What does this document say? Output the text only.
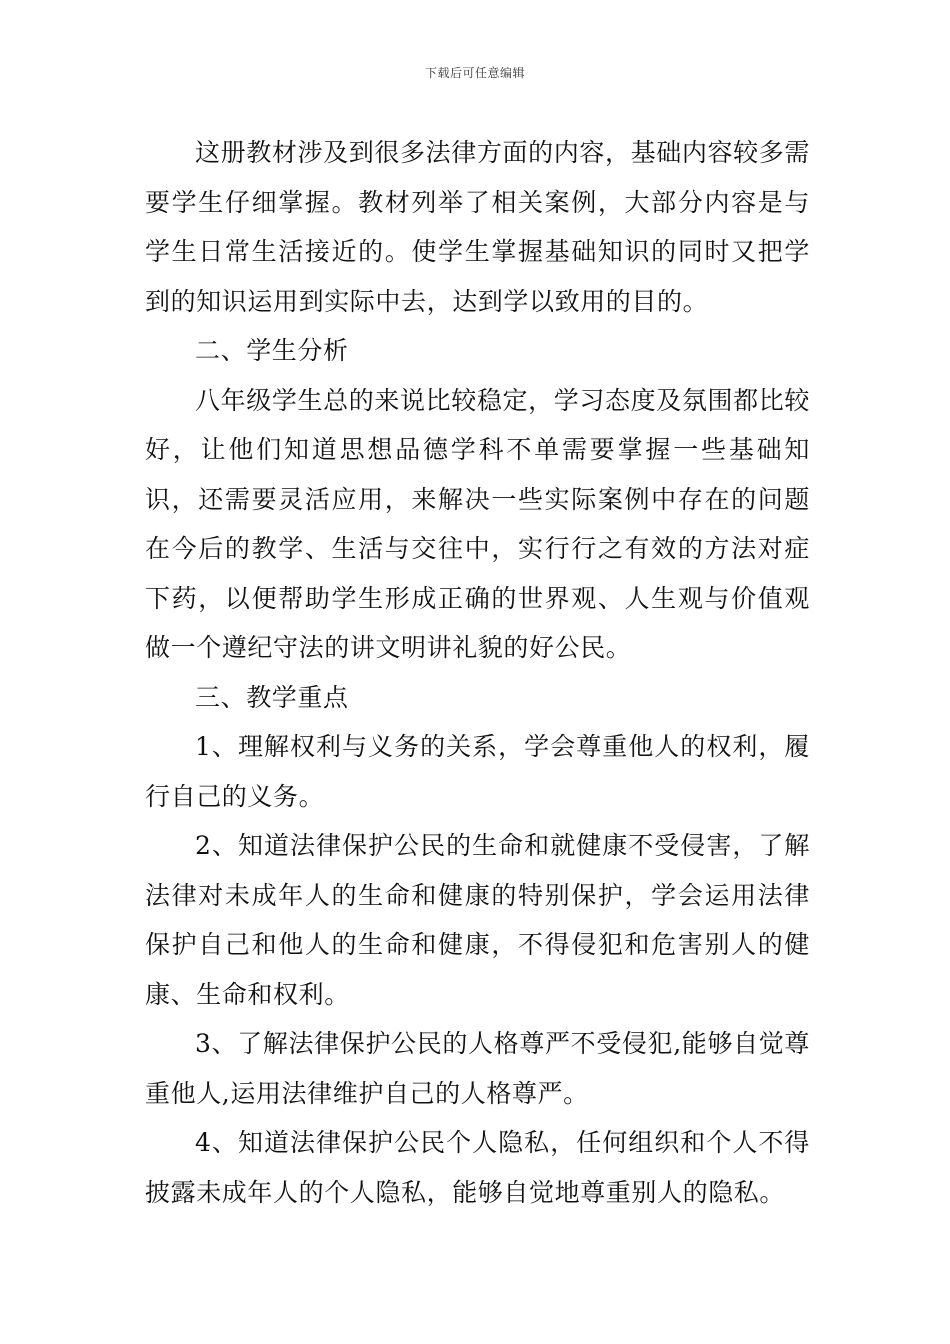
下载后可任意编辑

这册教材涉及到很多法律方面的内容，基础内容较多需要学生仔细掌握。教材列举了相关案例，大部分内容是与学生日常生活接近的。使学生掌握基础知识的同时又把学到的知识运用到实际中去，达到学以致用的目的。

二、学生分析

八年级学生总的来说比较稳定，学习态度及氛围都比较好，让他们知道思想品德学科不单需要掌握一些基础知识，还需要灵活应用，来解决一些实际案例中存在的问题在今后的教学、生活与交往中，实行行之有效的方法对症下药，以便帮助学生形成正确的世界观、人生观与价值观做一个遵纪守法的讲文明讲礼貌的好公民。

三、教学重点

1、理解权利与义务的关系，学会尊重他人的权利，履行自己的义务。

2、知道法律保护公民的生命和就健康不受侵害，了解法律对未成年人的生命和健康的特别保护，学会运用法律保护自己和他人的生命和健康，不得侵犯和危害别人的健康、生命和权利。

3、了解法律保护公民的人格尊严不受侵犯,能够自觉尊重他人,运用法律维护自己的人格尊严。

4、知道法律保护公民个人隐私，任何组织和个人不得披露未成年人的个人隐私，能够自觉地尊重别人的隐私。
